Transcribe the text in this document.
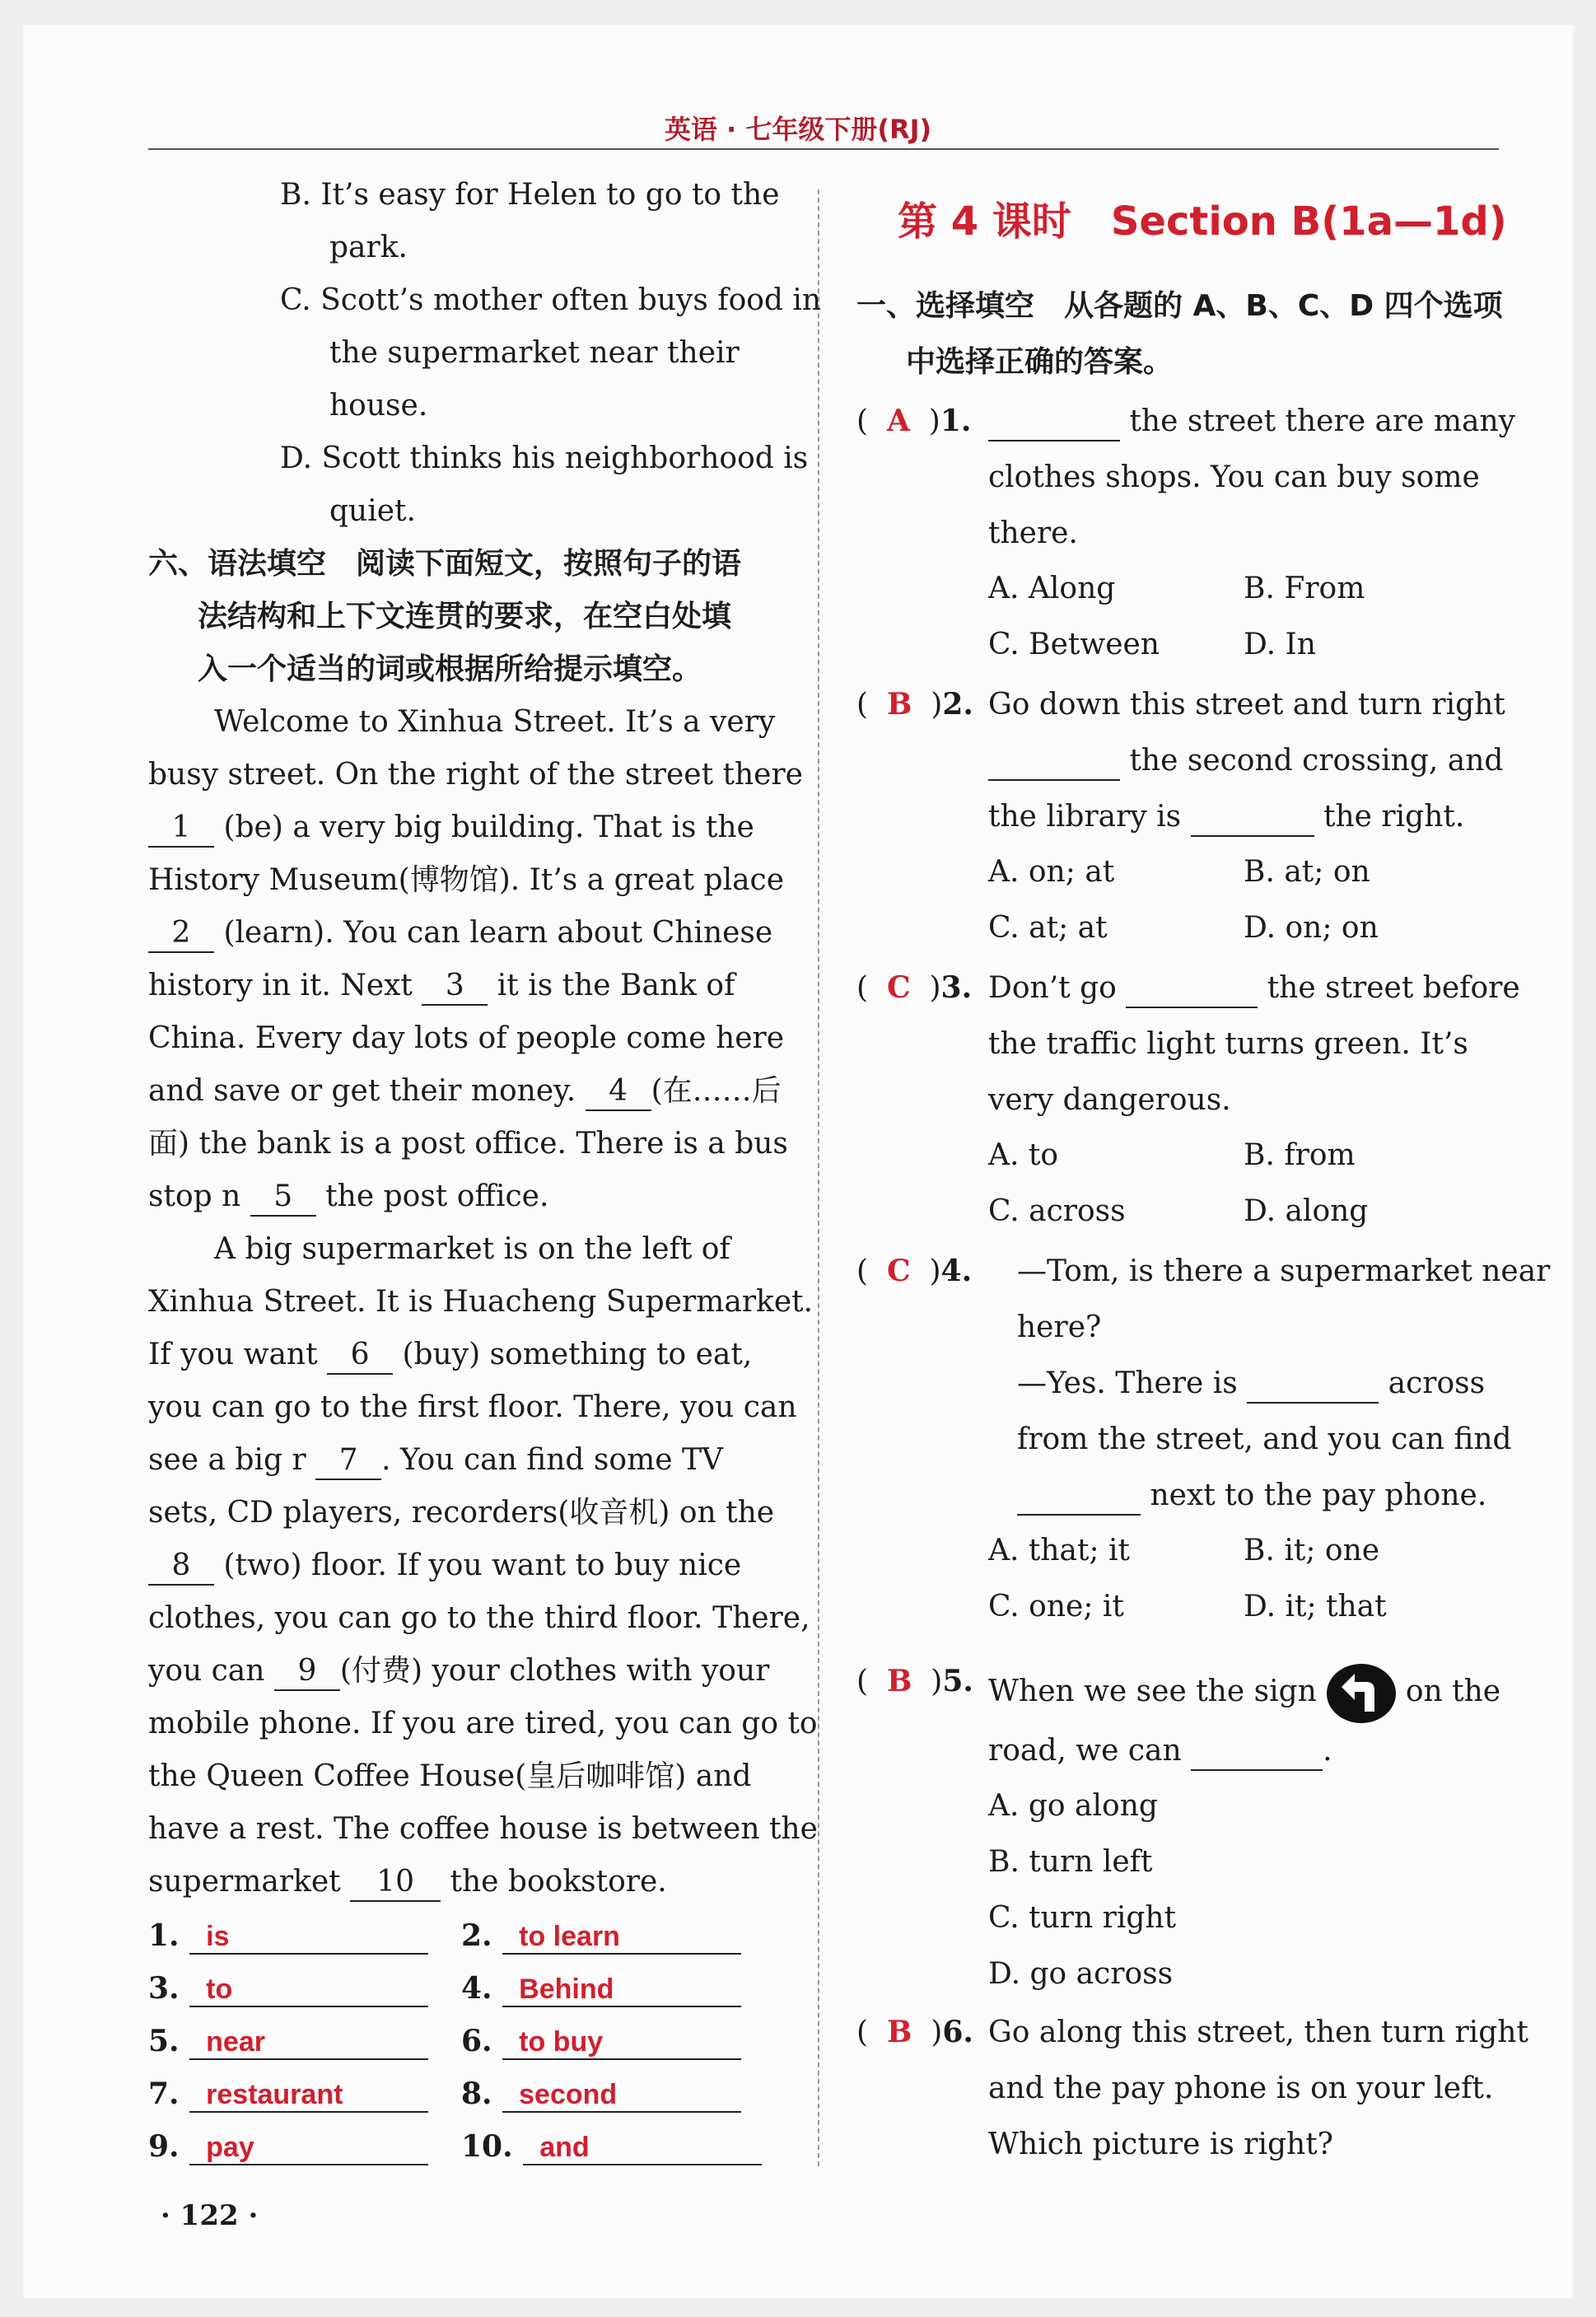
英语 · 七年级下册(RJ)
B. It’s easy for Helen to go to the
park.
C. Scott’s mother often buys food in
the supermarket near their
house.
D. Scott thinks his neighborhood is
quiet.
六、语法填空　阅读下面短文，按照句子的语
法结构和上下文连贯的要求，在空白处填
入一个适当的词或根据所给提示填空。
Welcome to Xinhua Street. It’s a very
busy street. On the right of the street there
1 (be) a very big building. That is the
History Museum(博物馆). It’s a great place
2 (learn). You can learn about Chinese
history in it. Next 3 it is the Bank of
China. Every day lots of people come here
and save or get their money. 4 (在……后
面) the bank is a post office. There is a bus
stop n 5 the post office.
A big supermarket is on the left of
Xinhua Street. It is Huacheng Supermarket.
If you want 6 (buy) something to eat,
you can go to the first floor. There, you can
see a big r 7 . You can find some TV
sets, CD players, recorders(收音机) on the
8 (two) floor. If you want to buy nice
clothes, you can go to the third floor. There,
you can 9 (付费) your clothes with your
mobile phone. If you are tired, you can go to
the Queen Coffee House(皇后咖啡馆) and
have a rest. The coffee house is between the
supermarket 10 the bookstore.
1. is	2. to learn
3. to	4. Behind
5. near	6. to buy
7. restaurant	8. second
9. pay	10. and
第 4 课时　Section B(1a—1d)
一、选择填空　从各题的 A、B、C、D 四个选项
中选择正确的答案。
(  A  )1.	the street there are many
clothes shops. You can buy some
there.
A. Along	B. From
C. Between	D. In
(  B  )2. Go down this street and turn right
the second crossing, and
the library is	the right.
A. on; at	B. at; on
C. at; at	D. on; on
(  C  )3. Don’t go	the street before
the traffic light turns green. It’s
very dangerous.
A. to	B. from
C. across	D. along
(  C  )4. —Tom, is there a supermarket near
here?
—Yes. There is	across
from the street, and you can find
next to the pay phone.
A. that; it	B. it; one
C. one; it	D. it; that
(  B  )5. When we see the sign	on the
road, we can	.
A. go along
B. turn left
C. turn right
D. go across
(  B  )6. Go along this street, then turn right
and the pay phone is on your left.
Which picture is right?
· 122 ·
